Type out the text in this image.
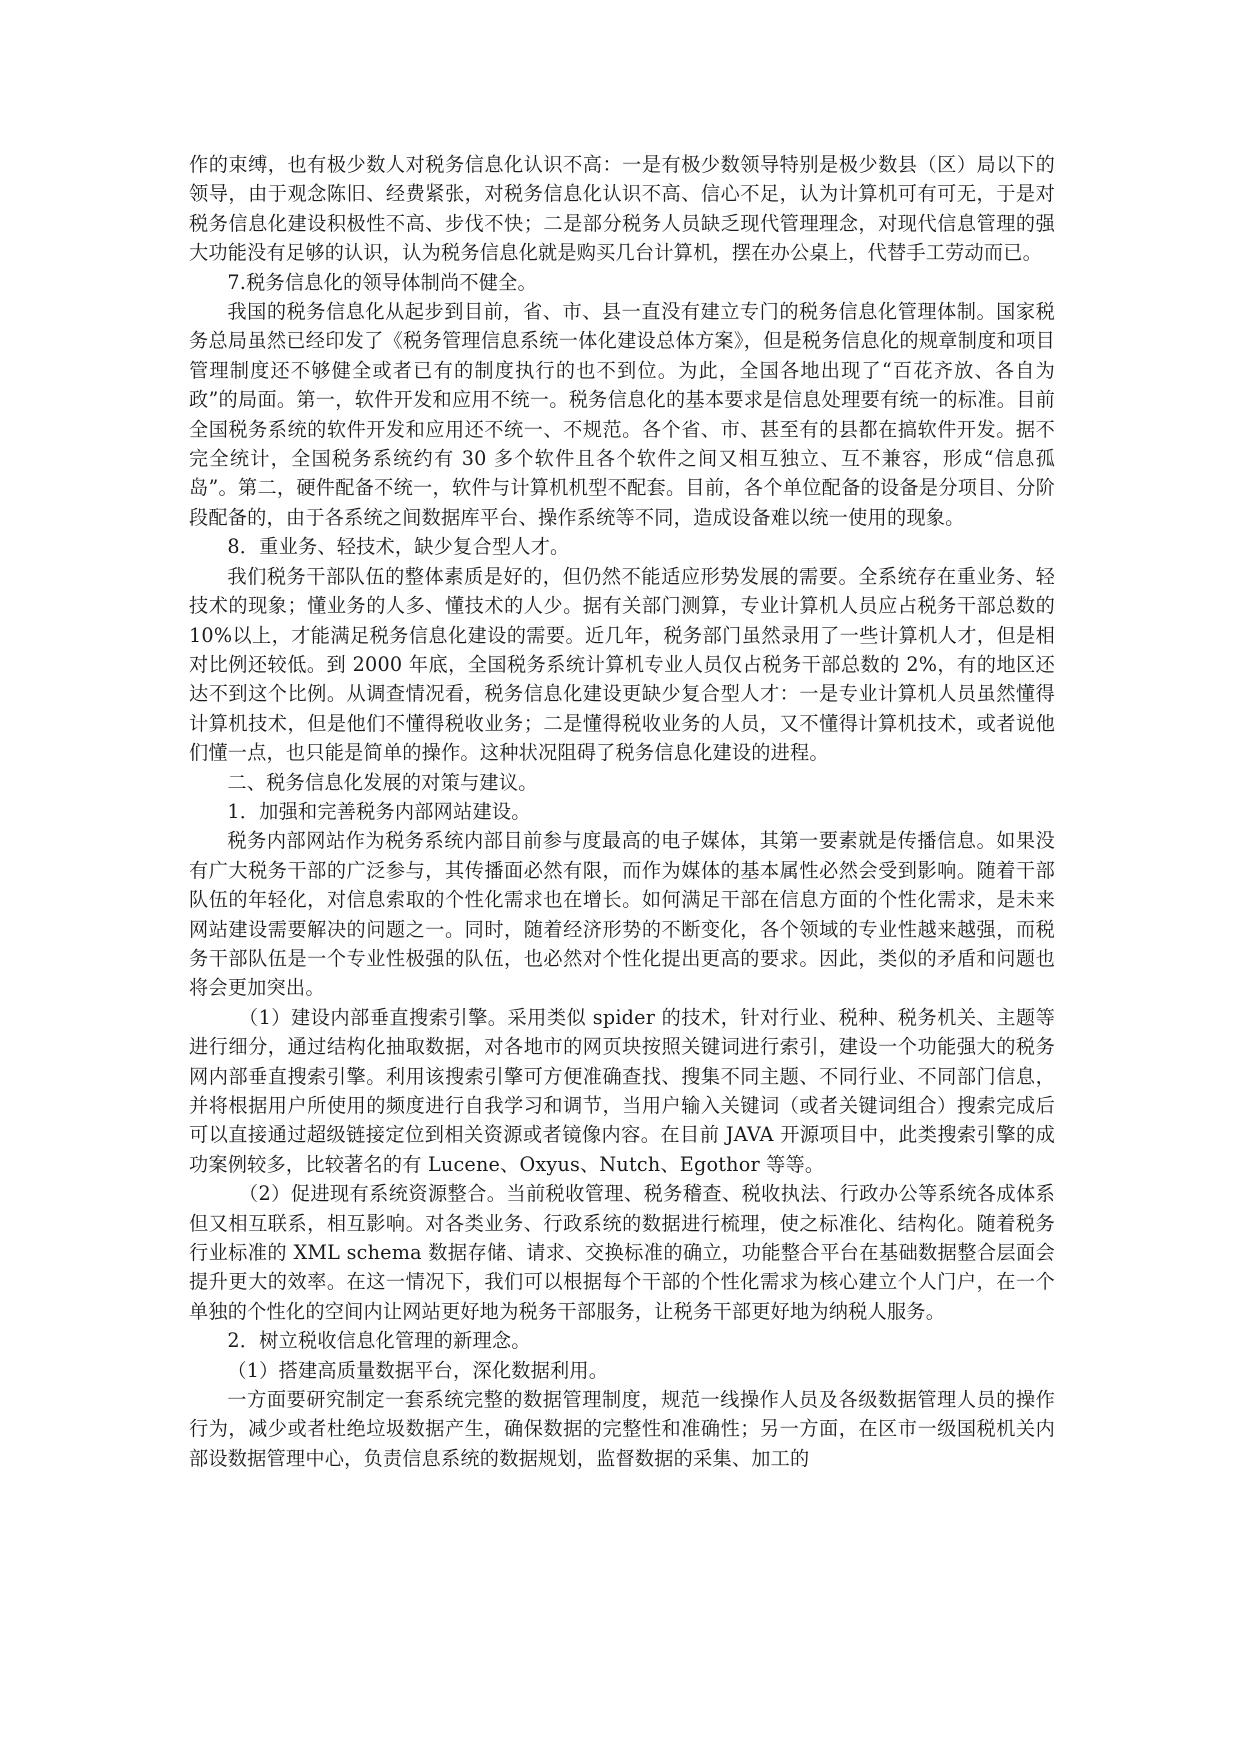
作的束缚，也有极少数人对税务信息化认识不高：一是有极少数领导特别是极少数县（区）局以下的领导，由于观念陈旧、经费紧张，对税务信息化认识不高、信心不足，认为计算机可有可无，于是对税务信息化建设积极性不高、步伐不快；二是部分税务人员缺乏现代管理理念，对现代信息管理的强大功能没有足够的认识，认为税务信息化就是购买几台计算机，摆在办公桌上，代替手工劳动而已。

7.税务信息化的领导体制尚不健全。

我国的税务信息化从起步到目前，省、市、县一直没有建立专门的税务信息化管理体制。国家税务总局虽然已经印发了《税务管理信息系统一体化建设总体方案》，但是税务信息化的规章制度和项目管理制度还不够健全或者已有的制度执行的也不到位。为此，全国各地出现了“百花齐放、各自为政”的局面。第一，软件开发和应用不统一。税务信息化的基本要求是信息处理要有统一的标准。目前全国税务系统的软件开发和应用还不统一、不规范。各个省、市、甚至有的县都在搞软件开发。据不完全统计，全国税务系统约有 30 多个软件且各个软件之间又相互独立、互不兼容，形成“信息孤岛”。第二，硬件配备不统一，软件与计算机机型不配套。目前，各个单位配备的设备是分项目、分阶段配备的，由于各系统之间数据库平台、操作系统等不同，造成设备难以统一使用的现象。

8．重业务、轻技术，缺少复合型人才。

我们税务干部队伍的整体素质是好的，但仍然不能适应形势发展的需要。全系统存在重业务、轻技术的现象；懂业务的人多、懂技术的人少。据有关部门测算，专业计算机人员应占税务干部总数的 10%以上，才能满足税务信息化建设的需要。近几年，税务部门虽然录用了一些计算机人才，但是相对比例还较低。到 2000 年底，全国税务系统计算机专业人员仅占税务干部总数的 2%，有的地区还达不到这个比例。从调查情况看，税务信息化建设更缺少复合型人才：一是专业计算机人员虽然懂得计算机技术，但是他们不懂得税收业务；二是懂得税收业务的人员，又不懂得计算机技术，或者说他们懂一点，也只能是简单的操作。这种状况阻碍了税务信息化建设的进程。

二、税务信息化发展的对策与建议。

1．加强和完善税务内部网站建设。

税务内部网站作为税务系统内部目前参与度最高的电子媒体，其第一要素就是传播信息。如果没有广大税务干部的广泛参与，其传播面必然有限，而作为媒体的基本属性必然会受到影响。随着干部队伍的年轻化，对信息索取的个性化需求也在增长。如何满足干部在信息方面的个性化需求，是未来网站建设需要解决的问题之一。同时，随着经济形势的不断变化，各个领域的专业性越来越强，而税务干部队伍是一个专业性极强的队伍，也必然对个性化提出更高的要求。因此，类似的矛盾和问题也将会更加突出。

（1）建设内部垂直搜索引擎。采用类似 spider 的技术，针对行业、税种、税务机关、主题等进行细分，通过结构化抽取数据，对各地市的网页块按照关键词进行索引，建设一个功能强大的税务网内部垂直搜索引擎。利用该搜索引擎可方便准确查找、搜集不同主题、不同行业、不同部门信息，并将根据用户所使用的频度进行自我学习和调节，当用户输入关键词（或者关键词组合）搜索完成后可以直接通过超级链接定位到相关资源或者镜像内容。在目前 JAVA 开源项目中，此类搜索引擎的成功案例较多，比较著名的有 Lucene、Oxyus、Nutch、Egothor 等等。

（2）促进现有系统资源整合。当前税收管理、税务稽查、税收执法、行政办公等系统各成体系但又相互联系，相互影响。对各类业务、行政系统的数据进行梳理，使之标准化、结构化。随着税务行业标准的 XML schema 数据存储、请求、交换标准的确立，功能整合平台在基础数据整合层面会提升更大的效率。在这一情况下，我们可以根据每个干部的个性化需求为核心建立个人门户，在一个单独的个性化的空间内让网站更好地为税务干部服务，让税务干部更好地为纳税人服务。

2．树立税收信息化管理的新理念。

（1）搭建高质量数据平台，深化数据利用。

一方面要研究制定一套系统完整的数据管理制度，规范一线操作人员及各级数据管理人员的操作行为，减少或者杜绝垃圾数据产生，确保数据的完整性和准确性；另一方面，在区市一级国税机关内部设数据管理中心，负责信息系统的数据规划，监督数据的采集、加工的
